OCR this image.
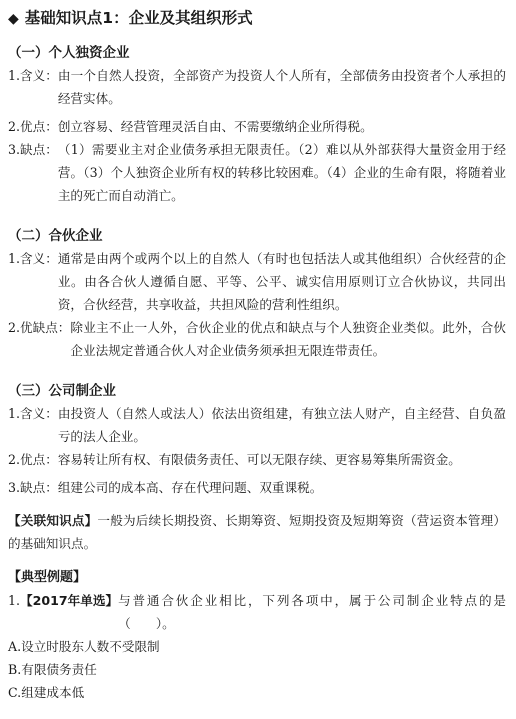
◆ 基础知识点1：企业及其组织形式
（一）个人独资企业
1.含义： 由一个自然人投资，全部资产为投资人个人所有，全部债务由投资者个人承担的经营实体。
2.优点： 创立容易、经营管理灵活自由、不需要缴纳企业所得税。
3.缺点： （1）需要业主对企业债务承担无限责任。（2）难以从外部获得大量资金用于经营。（3）个人独资企业所有权的转移比较困难。（4）企业的生命有限，将随着业主的死亡而自动消亡。
（二）合伙企业
1.含义： 通常是由两个或两个以上的自然人（有时也包括法人或其他组织）合伙经营的企业。由各合伙人遵循自愿、平等、公平、诚实信用原则订立合伙协议，共同出资，合伙经营，共享收益，共担风险的营利性组织。
2.优缺点： 除业主不止一人外，合伙企业的优点和缺点与个人独资企业类似。此外，合伙企业法规定普通合伙人对企业债务须承担无限连带责任。
（三）公司制企业
1.含义： 由投资人（自然人或法人）依法出资组建，有独立法人财产，自主经营、自负盈亏的法人企业。
2.优点： 容易转让所有权、有限债务责任、可以无限存续、更容易筹集所需资金。
3.缺点： 组建公司的成本高、存在代理问题、双重课税。
【关联知识点】一般为后续长期投资、长期筹资、短期投资及短期筹资（营运资本管理）的基础知识点。
【典型例题】
1.【2017年单选】 与普通合伙企业相比，下列各项中，属于公司制企业特点的是（　　）。
A.设立时股东人数不受限制
B.有限债务责任
C.组建成本低
